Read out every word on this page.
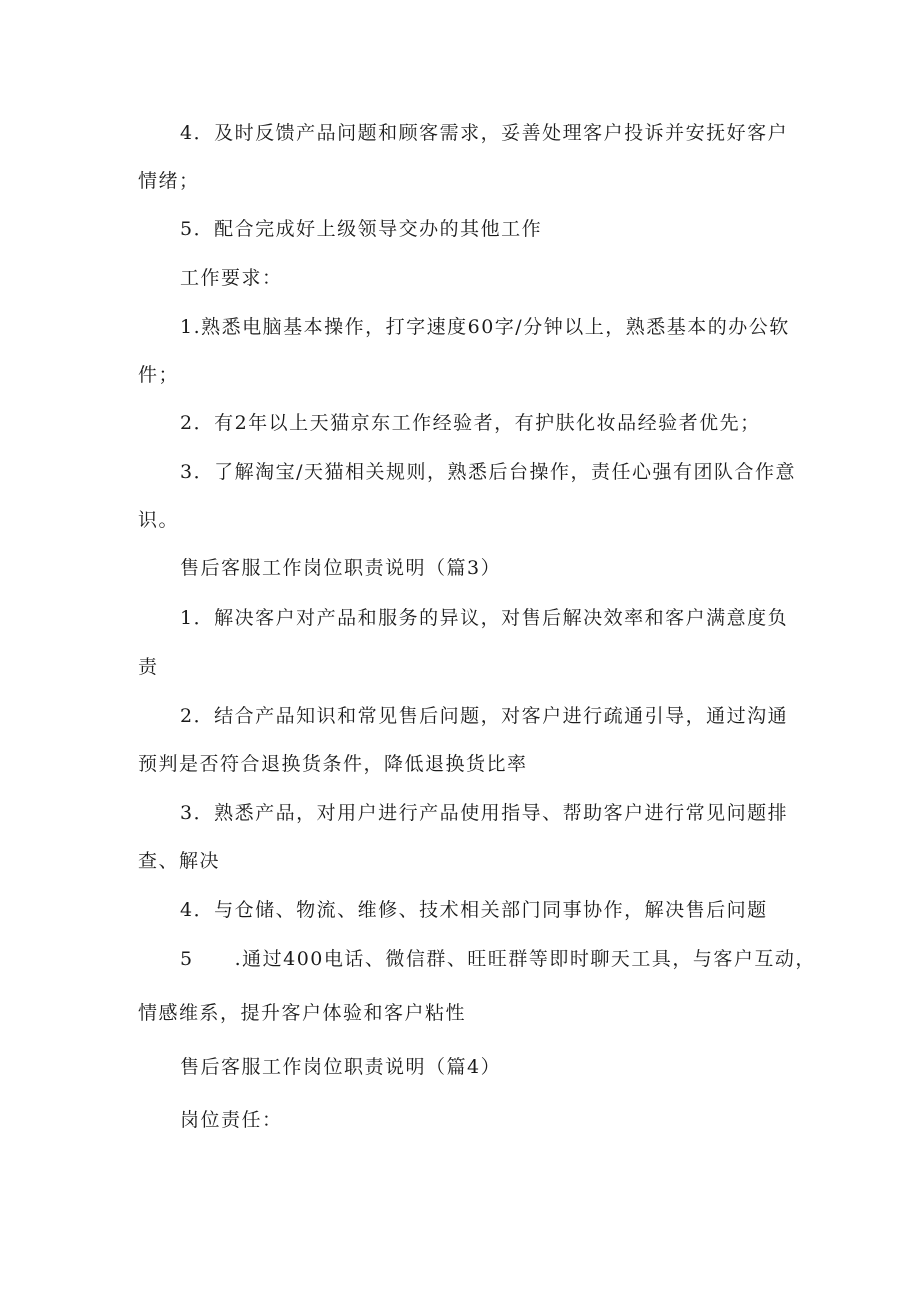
4．及时反馈产品问题和顾客需求，妥善处理客户投诉并安抚好客户
情绪；
5．配合完成好上级领导交办的其他工作
工作要求：
1.熟悉电脑基本操作，打字速度60字/分钟以上，熟悉基本的办公软
件；
2．有2年以上天猫京东工作经验者，有护肤化妆品经验者优先；
3．了解淘宝/天猫相关规则，熟悉后台操作，责任心强有团队合作意
识。
售后客服工作岗位职责说明（篇3）
1．解决客户对产品和服务的异议，对售后解决效率和客户满意度负
责
2．结合产品知识和常见售后问题，对客户进行疏通引导，通过沟通
预判是否符合退换货条件，降低退换货比率
3．熟悉产品，对用户进行产品使用指导、帮助客户进行常见问题排
查、解决
4．与仓储、物流、维修、技术相关部门同事协作，解决售后问题
5　　.通过400电话、微信群、旺旺群等即时聊天工具，与客户互动，
情感维系，提升客户体验和客户粘性
售后客服工作岗位职责说明（篇4）
岗位责任：
